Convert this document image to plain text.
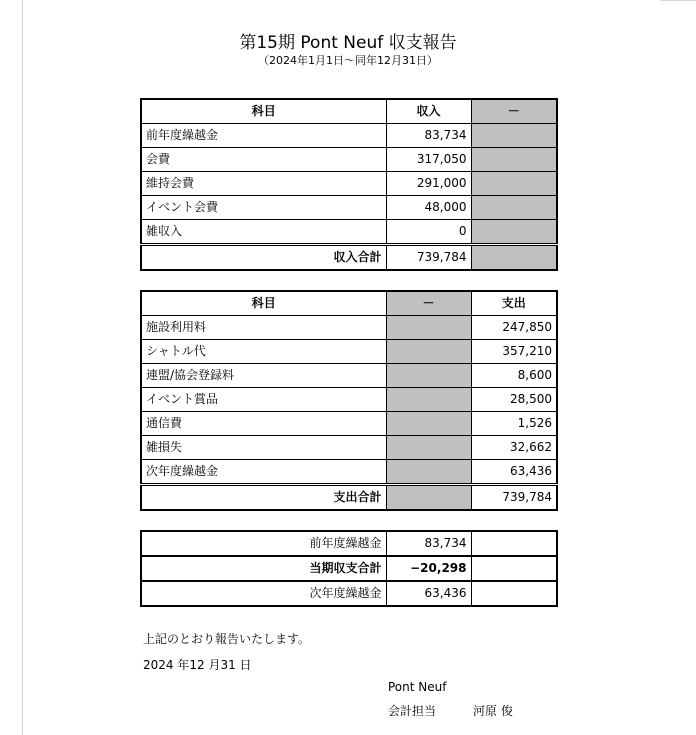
第15期 Pont Neuf 収支報告
（2024年1月1日～同年12月31日）
科目	収入	－
前年度繰越金	83,734	
会費	317,050	
維持会費	291,000	
イベント会費	48,000	
雑収入	0	
収入合計	739,784	
科目	－	支出
施設利用料		247,850
シャトル代		357,210
連盟/協会登録料		8,600
イベント賞品		28,500
通信費		1,526
雑損失		32,662
次年度繰越金		63,436
支出合計		739,784
前年度繰越金	83,734	
当期収支合計	−20,298	
次年度繰越金	63,436	
上記のとおり報告いたします。
2024 年12 月31 日
Pont Neuf
会計担当	河原 俊
